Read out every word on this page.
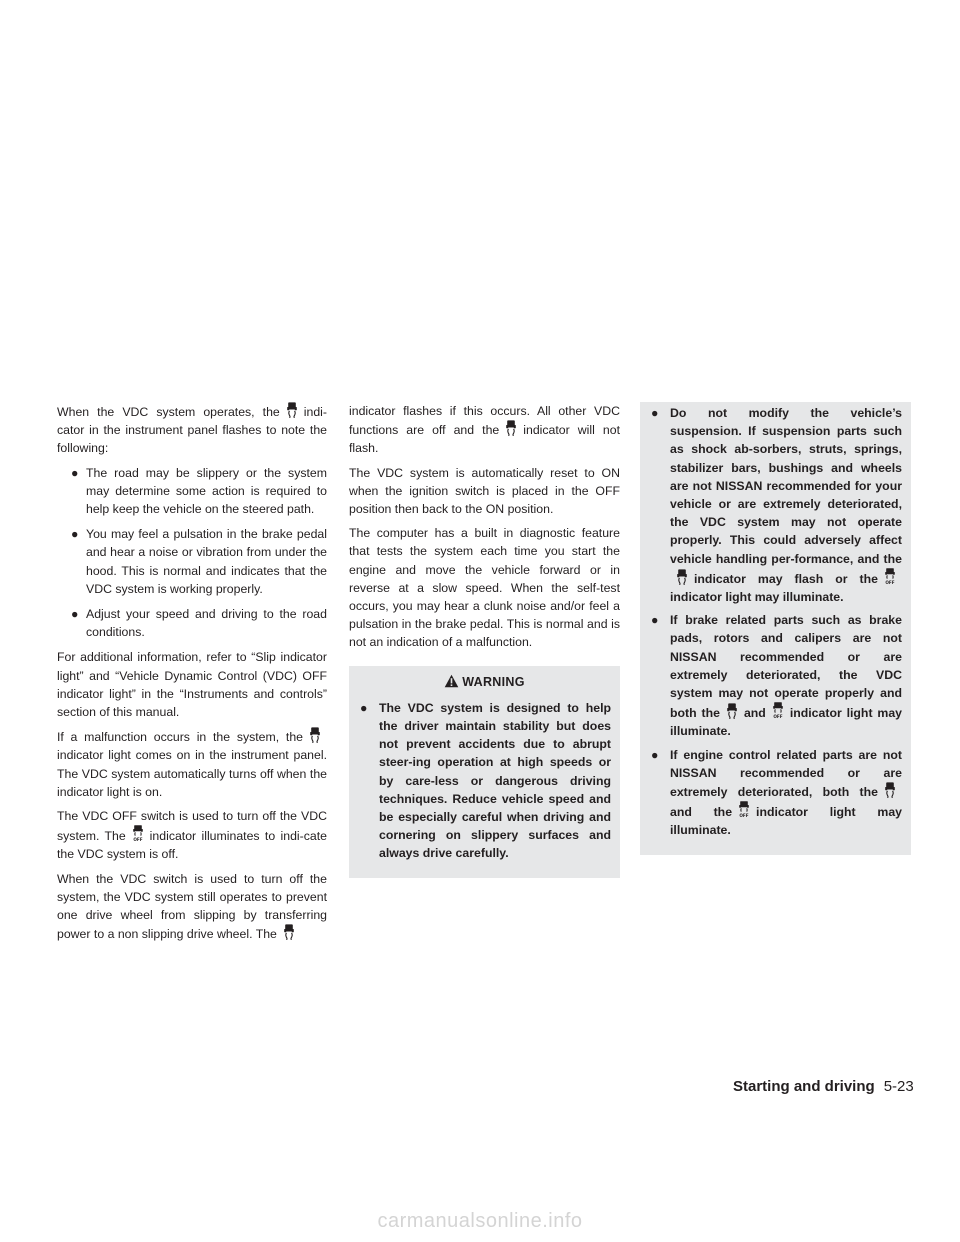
When the VDC system operates, the indi-cator in the instrument panel flashes to note the following:

● The road may be slippery or the system may determine some action is required to help keep the vehicle on the steered path.
● You may feel a pulsation in the brake pedal and hear a noise or vibration from under the hood. This is normal and indicates that the VDC system is working properly.
● Adjust your speed and driving to the road conditions.

For additional information, refer to “Slip indicator light” and “Vehicle Dynamic Control (VDC) OFF indicator light” in the “Instruments and controls” section of this manual.

If a malfunction occurs in the system, the
indicator light comes on in the instrument panel. The VDC system automatically turns off when the indicator light is on.

The VDC OFF switch is used to turn off the VDC system. The OFF indicator illuminates to indi-cate the VDC system is off.

When the VDC switch is used to turn off the system, the VDC system still operates to prevent one drive wheel from slipping by transferring power to a non slipping drive wheel. The

indicator flashes if this occurs. All other VDC functions are off and the indicator will not flash.

The VDC system is automatically reset to ON when the ignition switch is placed in the OFF position then back to the ON position.

The computer has a built in diagnostic feature that tests the system each time you start the engine and move the vehicle forward or in reverse at a slow speed. When the self-test occurs, you may hear a clunk noise and/or feel a pulsation in the brake pedal. This is normal and is not an indication of a malfunction.

WARNING
● The VDC system is designed to help the driver maintain stability but does not prevent accidents due to abrupt steer-ing operation at high speeds or by care-less or dangerous driving techniques. Reduce vehicle speed and be especially careful when driving and cornering on slippery surfaces and always drive carefully.
● Do not modify the vehicle’s suspension. If suspension parts such as shock ab-sorbers, struts, springs, stabilizer bars, bushings and wheels are not NISSAN recommended for your vehicle or are extremely deteriorated, the VDC system may not operate properly. This could adversely affect vehicle handling per-formance, and the
indicator may flash or the OFF
indicator light may illuminate.
● If brake related parts such as brake pads, rotors and calipers are not NISSAN recommended or are extremely deteriorated, the VDC system may not operate properly and both the and OFF indicator light may illuminate.
● If engine control related parts are not NISSAN recommended or are extremely deteriorated, both the
and the OFF indicator light may illuminate.
Starting and driving 5-23
carmanualsonline.info
